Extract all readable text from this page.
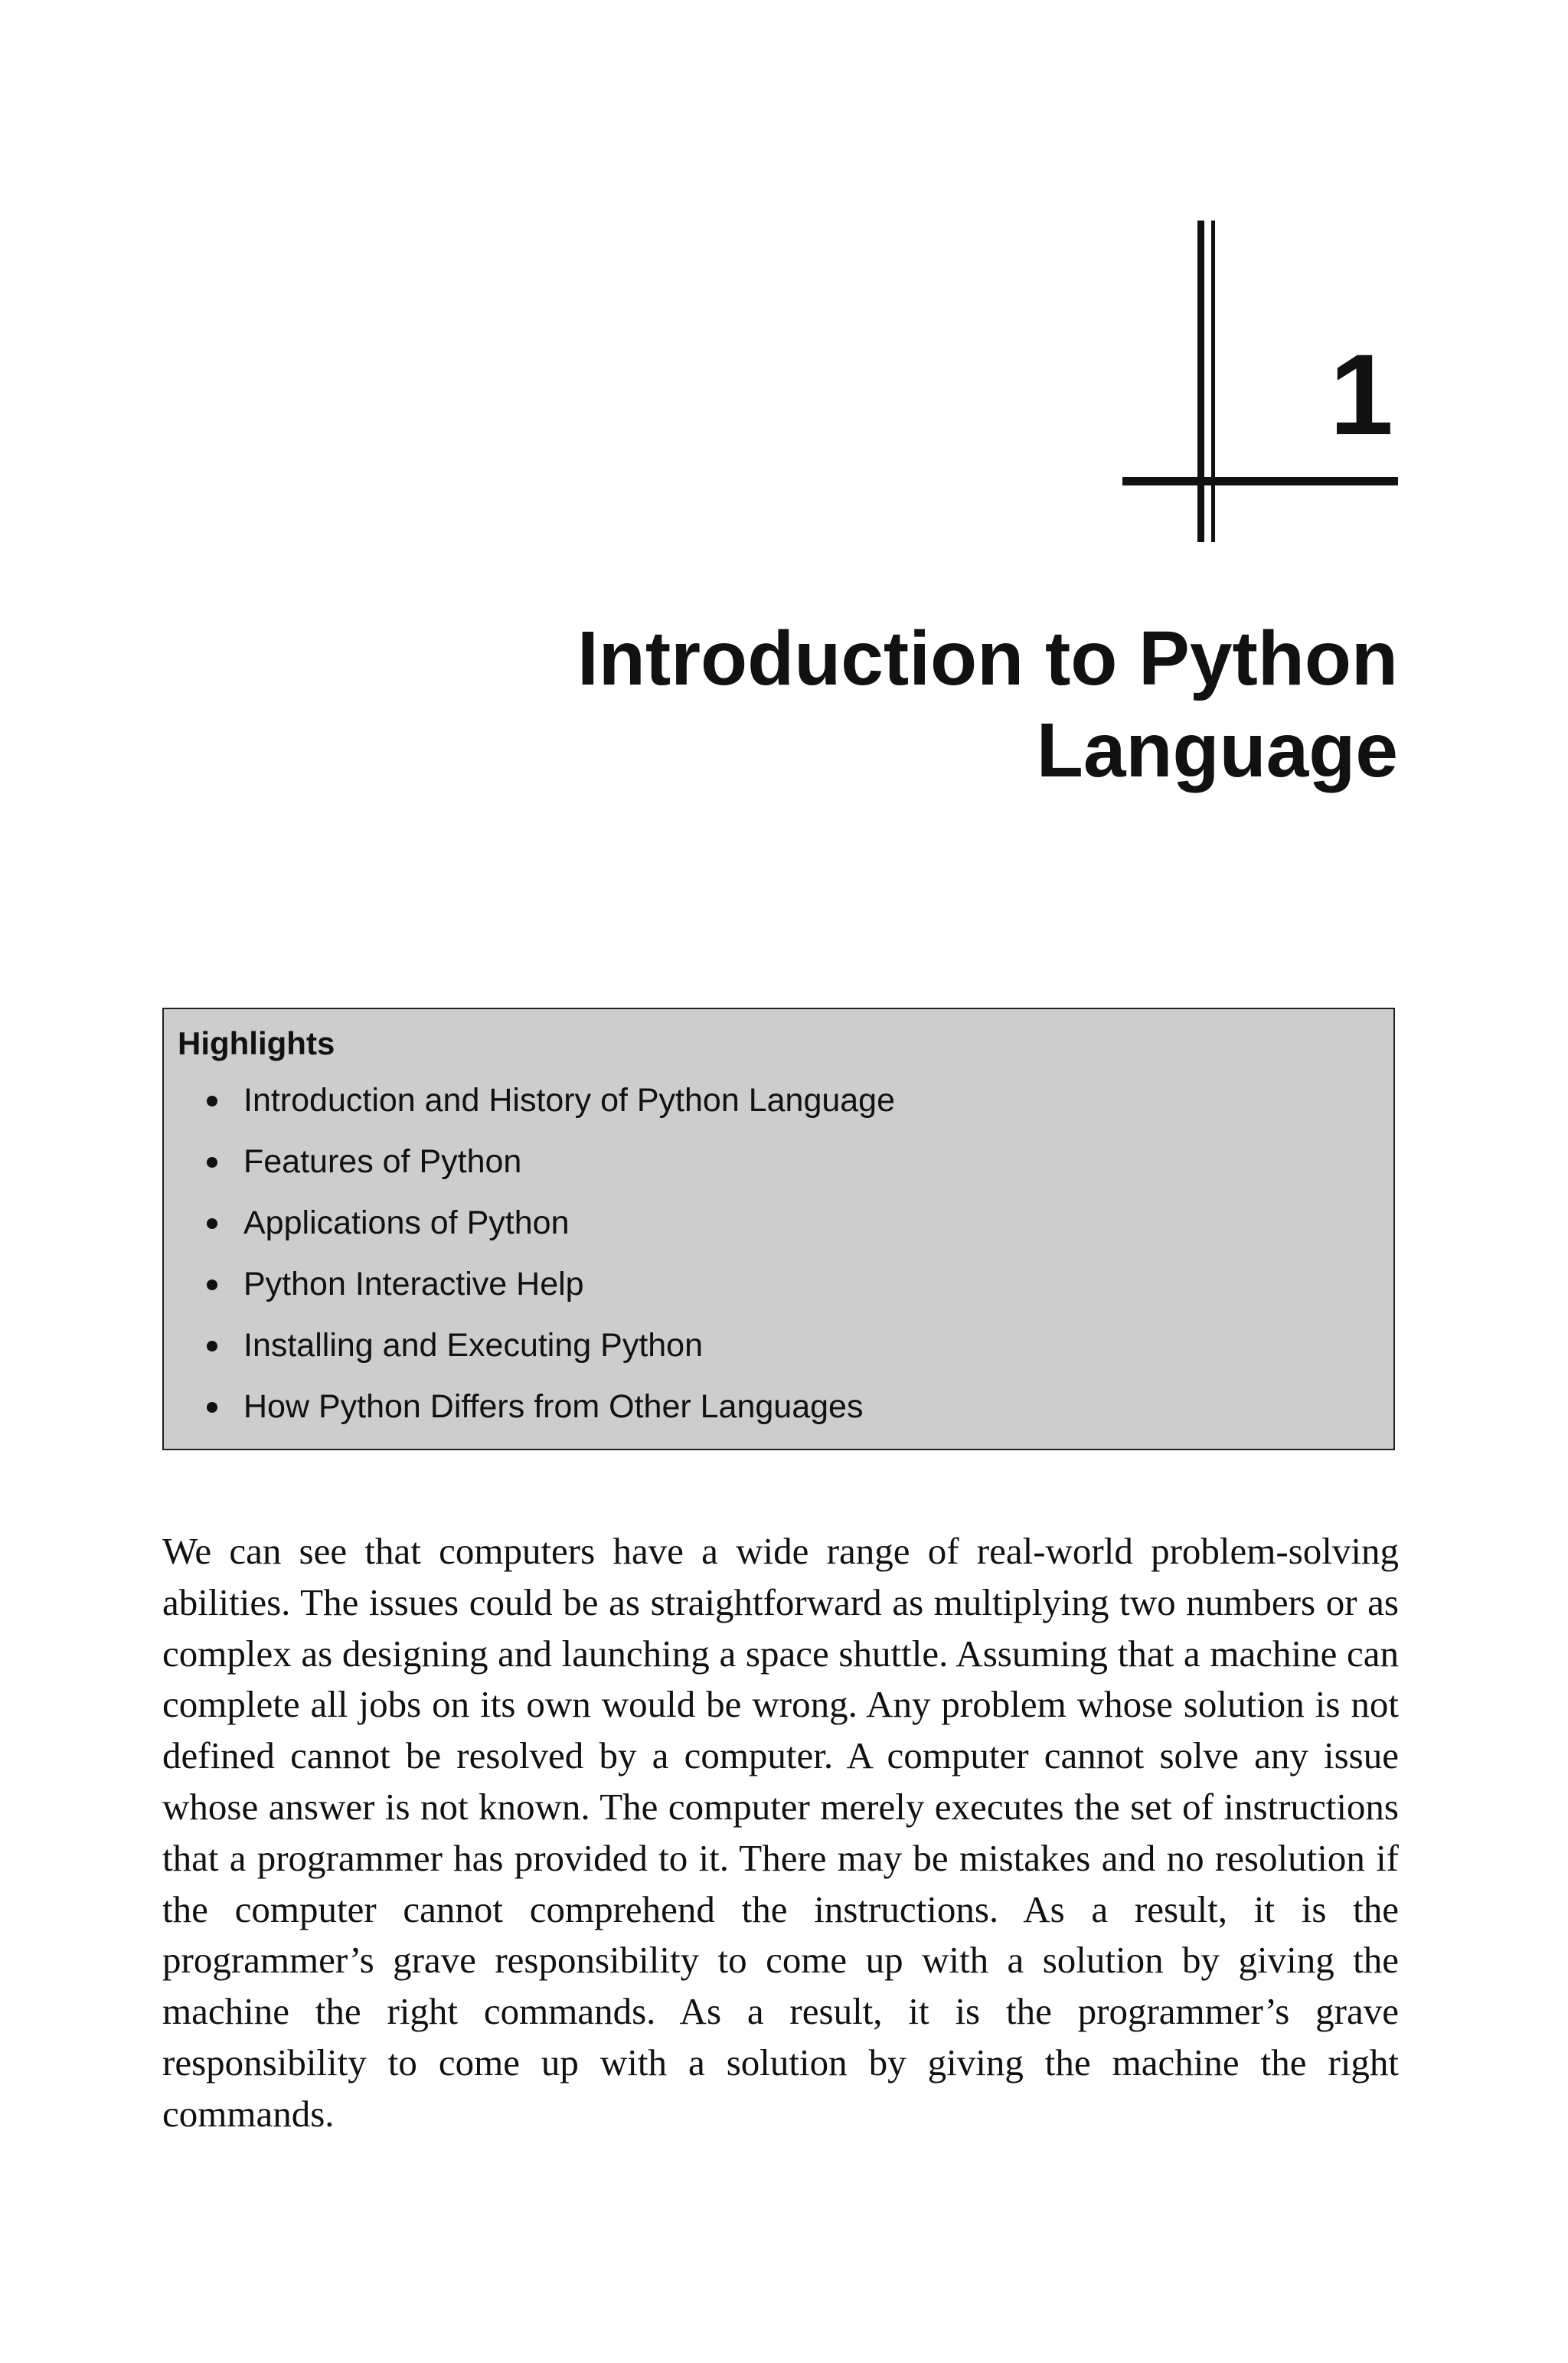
1
Introduction to Python
Language
Highlights
Introduction and History of Python Language
Features of Python
Applications of Python
Python Interactive Help
Installing and Executing Python
How Python Differs from Other Languages

We can see that computers have a wide range of real-world problem-solving abilities. The issues could be as straightforward as multiplying two numbers or as complex as designing and launching a space shuttle. Assuming that a machine can complete all jobs on its own would be wrong. Any problem whose solution is not defined cannot be resolved by a computer. A computer cannot solve any issue whose answer is not known. The computer merely executes the set of instructions that a programmer has provided to it. There may be mistakes and no resolution if the computer cannot comprehend the instructions. As a result, it is the programmer’s grave responsibility to come up with a solution by giving the machine the right commands. As a result, it is the programmer’s grave responsibility to come up with a solution by giving the machine the right commands.
